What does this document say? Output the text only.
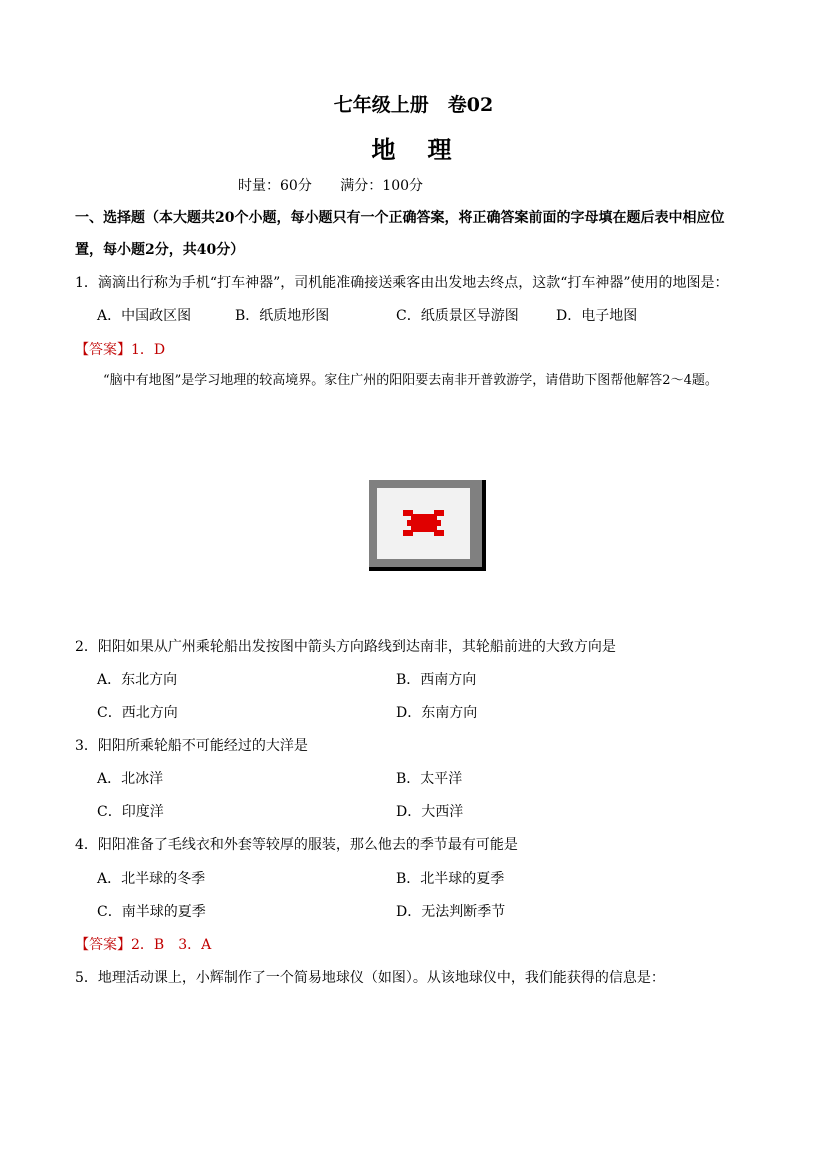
七年级上册　卷02
地　理
时量：60分 满分：100分
一、选择题（本大题共20个小题，每小题只有一个正确答案，将正确答案前面的字母填在题后表中相应位
置，每小题2分，共40分）
1．滴滴出行称为手机“打车神器”，司机能准确接送乘客由出发地去终点，这款“打车神器”使用的地图是：
A．中国政区图	B．纸质地形图	C．纸质景区导游图	D．电子地图
【答案】1．D
“脑中有地图”是学习地理的较高境界。家住广州的阳阳要去南非开普敦游学，请借助下图帮他解答2～4题。
2．阳阳如果从广州乘轮船出发按图中箭头方向路线到达南非，其轮船前进的大致方向是
A．东北方向	B．西南方向
C．西北方向	D．东南方向
3．阳阳所乘轮船不可能经过的大洋是
A．北冰洋	B．太平洋
C．印度洋	D．大西洋
4．阳阳准备了毛线衣和外套等较厚的服装，那么他去的季节最有可能是
A．北半球的冬季	B．北半球的夏季
C．南半球的夏季	D．无法判断季节
【答案】2．B　3．A
5．地理活动课上，小辉制作了一个简易地球仪（如图）。从该地球仪中，我们能获得的信息是：
